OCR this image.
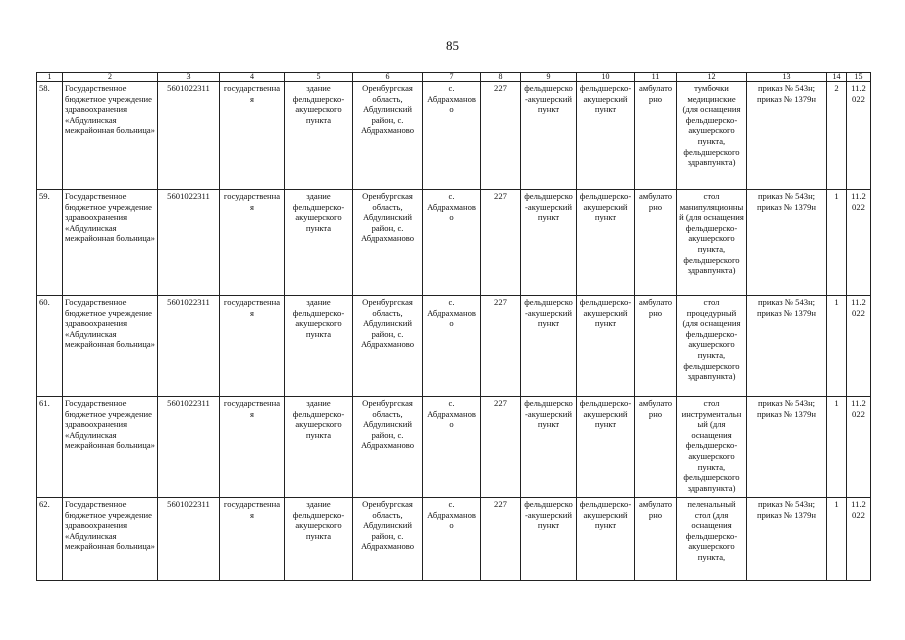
85
1	2	3	4	5	6	7	8	9	10	11	12	13	14	15
58.	Государственное бюджетное учреждение здравоохранения «Абдулинская межрайонная больница»	5601022311	государственная	здание фельдшерско-акушерского пункта	Оренбургская область, Абдулинский район, с. Абдрахманово	с. Абдрахманово	227	фельдшерско-акушерский пункт	фельдшерско-акушерский пункт	амбулаторно	тумбочки медицинские (для оснащения фельдшерско-акушерского пункта, фельдшерского здравпункта)	приказ № 543н; приказ № 1379н	2	11.2022
59.	Государственное бюджетное учреждение здравоохранения «Абдулинская межрайонная больница»	5601022311	государственная	здание фельдшерско-акушерского пункта	Оренбургская область, Абдулинский район, с. Абдрахманово	с. Абдрахманово	227	фельдшерско-акушерский пункт	фельдшерско-акушерский пункт	амбулаторно	стол манипуляционный (для оснащения фельдшерско-акушерского пункта, фельдшерского здравпункта)	приказ № 543н; приказ № 1379н	1	11.2022
60.	Государственное бюджетное учреждение здравоохранения «Абдулинская межрайонная больница»	5601022311	государственная	здание фельдшерско-акушерского пункта	Оренбургская область, Абдулинский район, с. Абдрахманово	с. Абдрахманово	227	фельдшерско-акушерский пункт	фельдшерско-акушерский пункт	амбулаторно	стол процедурный (для оснащения фельдшерско-акушерского пункта, фельдшерского здравпункта)	приказ № 543н; приказ № 1379н	1	11.2022
61.	Государственное бюджетное учреждение здравоохранения «Абдулинская межрайонная больница»	5601022311	государственная	здание фельдшерско-акушерского пункта	Оренбургская область, Абдулинский район, с. Абдрахманово	с. Абдрахманово	227	фельдшерско-акушерский пункт	фельдшерско-акушерский пункт	амбулаторно	стол инструментальный (для оснащения фельдшерско-акушерского пункта, фельдшерского здравпункта)	приказ № 543н; приказ № 1379н	1	11.2022
62.	Государственное бюджетное учреждение здравоохранения «Абдулинская межрайонная больница»	5601022311	государственная	здание фельдшерско-акушерского пункта	Оренбургская область, Абдулинский район, с. Абдрахманово	с. Абдрахманово	227	фельдшерско-акушерский пункт	фельдшерско-акушерский пункт	амбулаторно	пеленальный стол (для оснащения фельдшерско-акушерского пункта,	приказ № 543н; приказ № 1379н	1	11.2022
